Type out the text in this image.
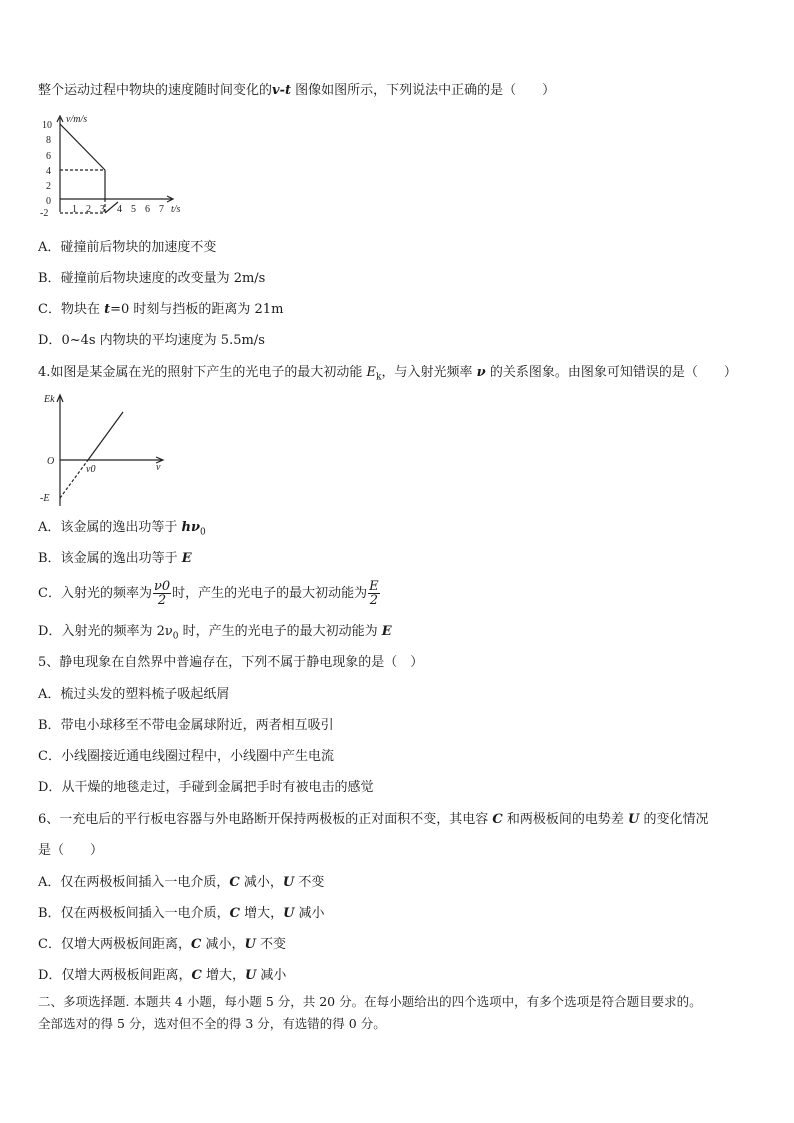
整个运动过程中物块的速度随时间变化的v-t 图像如图所示，下列说法中正确的是（　　）
v/m/s
10
8
6
4
2
0
-2 1 2 3 4 5 6 7 t/s
A．碰撞前后物块的加速度不变
B．碰撞前后物块速度的改变量为 2m/s
C．物块在 t=0 时刻与挡板的距离为 21m
D．0~4s 内物块的平均速度为 5.5m/s
4.如图是某金属在光的照射下产生的光电子的最大初动能 $E_k$，与入射光频率 ν 的关系图象。由图象可知错误的是（　　）
Ek
O
ν0	ν
-E
A．该金属的逸出功等于 $h\nu_0$
B．该金属的逸出功等于 E
C．入射光的频率为 $\frac{\nu 0}{2}$ 时，产生的光电子的最大初动能为 $\frac{E}{2}$
D．入射光的频率为 $2\nu_0$ 时，产生的光电子的最大初动能为 E
5、静电现象在自然界中普遍存在，下列不属于静电现象的是（　）
A．梳过头发的塑料梳子吸起纸屑
B．带电小球移至不带电金属球附近，两者相互吸引
C．小线圈接近通电线圈过程中，小线圈中产生电流
D．从干燥的地毯走过，手碰到金属把手时有被电击的感觉
6、一充电后的平行板电容器与外电路断开保持两极板的正对面积不变，其电容 C 和两极板间的电势差 U 的变化情况
是（　　）
A．仅在两极板间插入一电介质，C 减小，U 不变
B．仅在两极板间插入一电介质，C 增大，U 减小
C．仅增大两极板间距离，C 减小，U 不变
D．仅增大两极板间距离，C 增大，U 减小
二、多项选择题. 本题共 4 小题，每小题 5 分，共 20 分。在每小题给出的四个选项中，有多个选项是符合题目要求的。
全部选对的得 5 分，选对但不全的得 3 分，有选错的得 0 分。
